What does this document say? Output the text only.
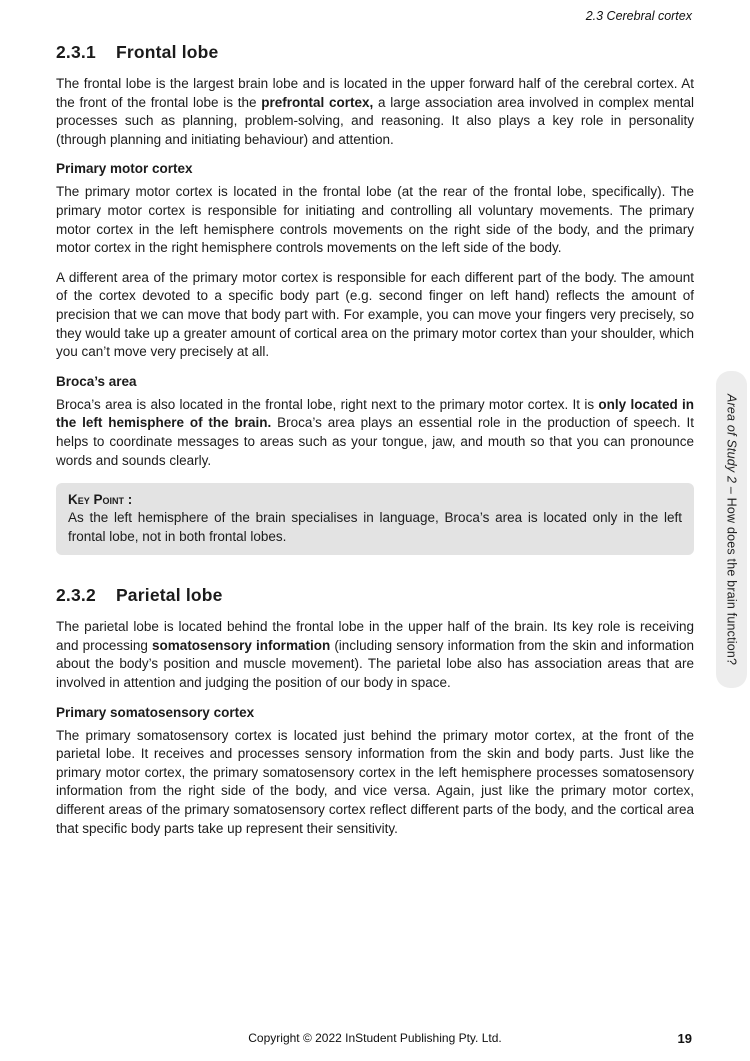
2.3 Cerebral cortex
2.3.1 Frontal lobe

The frontal lobe is the largest brain lobe and is located in the upper forward half of the cerebral cortex. At the front of the frontal lobe is the prefrontal cortex, a large association area involved in complex mental processes such as planning, problem-solving, and reasoning. It also plays a key role in personality (through planning and initiating behaviour) and attention.

Primary motor cortex

The primary motor cortex is located in the frontal lobe (at the rear of the frontal lobe, specifically). The primary motor cortex is responsible for initiating and controlling all voluntary movements. The primary motor cortex in the left hemisphere controls movements on the right side of the body, and the primary motor cortex in the right hemisphere controls movements on the left side of the body.

A different area of the primary motor cortex is responsible for each different part of the body. The amount of the cortex devoted to a specific body part (e.g. second finger on left hand) reflects the amount of precision that we can move that body part with. For example, you can move your fingers very precisely, so they would take up a greater amount of cortical area on the primary motor cortex than your shoulder, which you can’t move very precisely at all.

Broca’s area

Broca’s area is also located in the frontal lobe, right next to the primary motor cortex. It is only located in the left hemisphere of the brain. Broca’s area plays an essential role in the production of speech. It helps to coordinate messages to areas such as your tongue, jaw, and mouth so that you can pronounce words and sounds clearly.

Key Point :
As the left hemisphere of the brain specialises in language, Broca’s area is located only in the left frontal lobe, not in both frontal lobes.
2.3.2 Parietal lobe

The parietal lobe is located behind the frontal lobe in the upper half of the brain. Its key role is receiving and processing somatosensory information (including sensory information from the skin and information about the body’s position and muscle movement). The parietal lobe also has association areas that are involved in attention and judging the position of our body in space.

Primary somatosensory cortex

The primary somatosensory cortex is located just behind the primary motor cortex, at the front of the parietal lobe. It receives and processes sensory information from the skin and body parts. Just like the primary motor cortex, the primary somatosensory cortex in the left hemisphere processes somatosensory information from the right side of the body, and vice versa. Again, just like the primary motor cortex, different areas of the primary somatosensory cortex reflect different parts of the body, and the cortical area that specific body parts take up represent their sensitivity.

Area of Study 2 – How does the brain function?
Copyright © 2022 InStudent Publishing Pty. Ltd.	19
